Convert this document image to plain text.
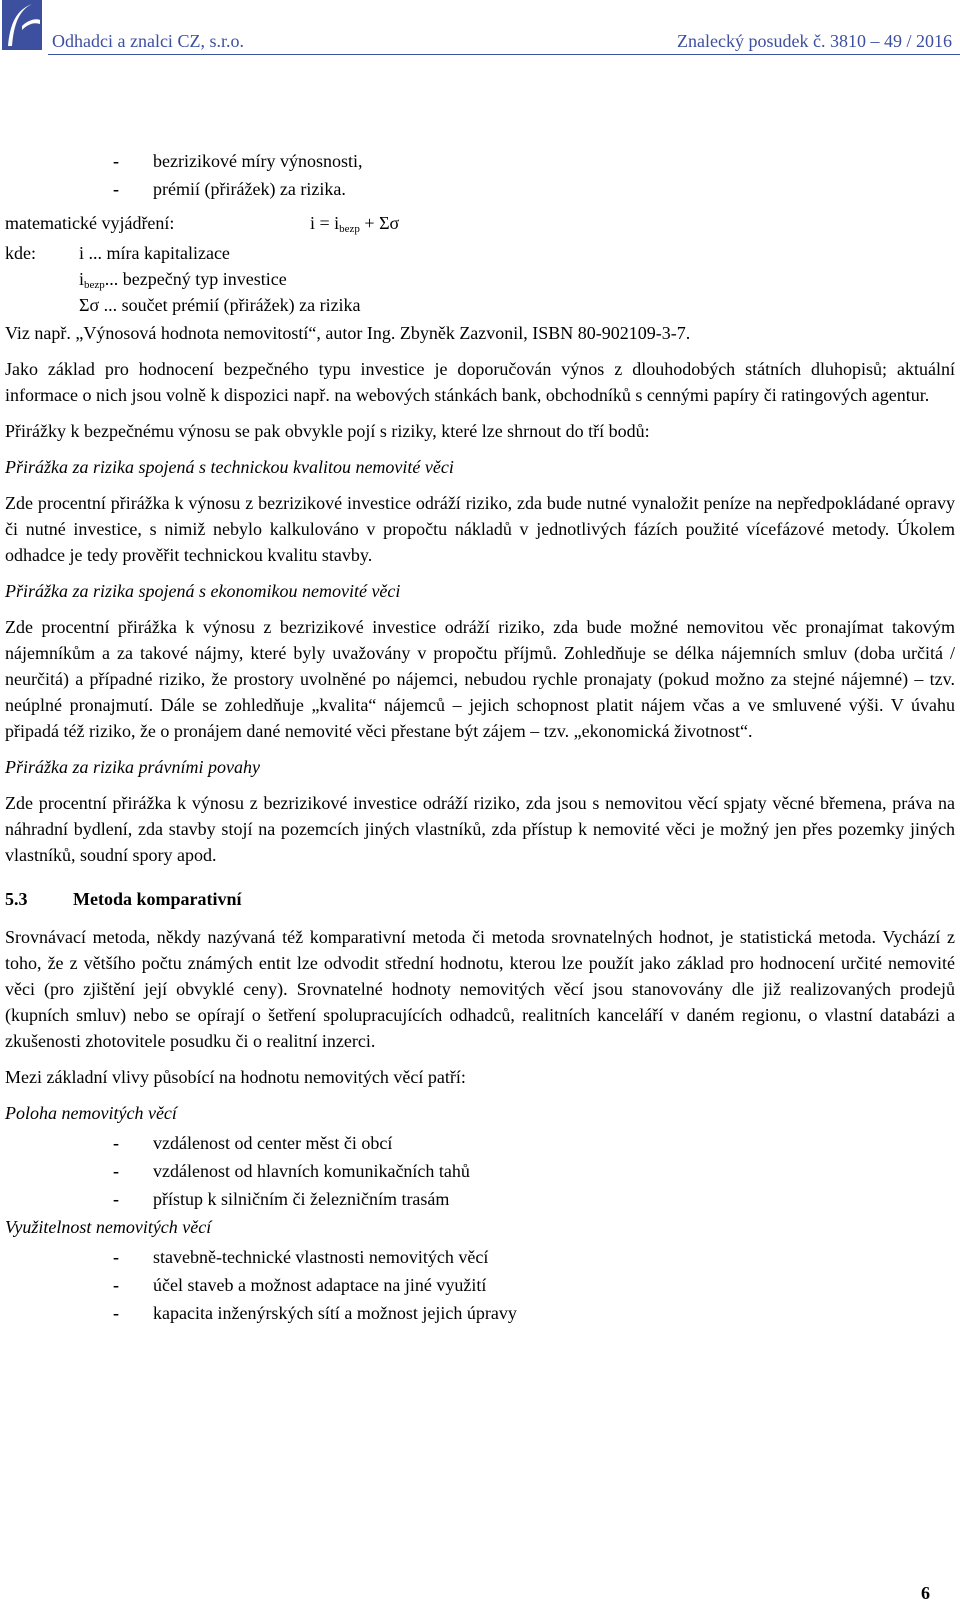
Odhadci a znalci CZ, s.r.o.	Znalecký posudek č. 3810 – 49 / 2016
- bezrizikové míry výnosnosti,
- prémií (přirážek) za rizika.
matematické vyjádření:	$i = i_{bezp} + \Sigma\sigma$
kde: i ... míra kapitalizace
$i_{bezp}$... bezpečný typ investice
Σσ ... součet prémií (přirážek) za rizika

Viz např. „Výnosová hodnota nemovitostí“, autor Ing. Zbyněk Zazvonil, ISBN 80-902109-3-7.

Jako základ pro hodnocení bezpečného typu investice je doporučován výnos z dlouhodobých státních dluhopisů; aktuální informace o nich jsou volně k dispozici např. na webových stánkách bank, obchodníků s cennými papíry či ratingových agentur.

Přirážky k bezpečnému výnosu se pak obvykle pojí s riziky, které lze shrnout do tří bodů:

Přirážka za rizika spojená s technickou kvalitou nemovité věci

Zde procentní přirážka k výnosu z bezrizikové investice odráží riziko, zda bude nutné vynaložit peníze na nepředpokládané opravy či nutné investice, s nimiž nebylo kalkulováno v propočtu nákladů v jednotlivých fázích použité vícefázové metody. Úkolem odhadce je tedy prověřit technickou kvalitu stavby.

Přirážka za rizika spojená s ekonomikou nemovité věci

Zde procentní přirážka k výnosu z bezrizikové investice odráží riziko, zda bude možné nemovitou věc pronajímat takovým nájemníkům a za takové nájmy, které byly uvažovány v propočtu příjmů. Zohledňuje se délka nájemních smluv (doba určitá / neurčitá) a případné riziko, že prostory uvolněné po nájemci, nebudou rychle pronajaty (pokud možno za stejné nájemné) – tzv. neúplné pronajmutí. Dále se zohledňuje „kvalita“ nájemců – jejich schopnost platit nájem včas a ve smluvené výši. V úvahu připadá též riziko, že o pronájem dané nemovité věci přestane být zájem – tzv. „ekonomická životnost“.

Přirážka za rizika právními povahy

Zde procentní přirážka k výnosu z bezrizikové investice odráží riziko, zda jsou s nemovitou věcí spjaty věcné břemena, práva na náhradní bydlení, zda stavby stojí na pozemcích jiných vlastníků, zda přístup k nemovité věci je možný jen přes pozemky jiných vlastníků, soudní spory apod.

5.3	Metoda komparativní

Srovnávací metoda, někdy nazývaná též komparativní metoda či metoda srovnatelných hodnot, je statistická metoda. Vychází z toho, že z většího počtu známých entit lze odvodit střední hodnotu, kterou lze použít jako základ pro hodnocení určité nemovité věci (pro zjištění její obvyklé ceny). Srovnatelné hodnoty nemovitých věcí jsou stanovovány dle již realizovaných prodejů (kupních smluv) nebo se opírají o šetření spolupracujících odhadců, realitních kanceláří v daném regionu, o vlastní databázi a zkušenosti zhotovitele posudku či o realitní inzerci.

Mezi základní vlivy působící na hodnotu nemovitých věcí patří:

Poloha nemovitých věcí

- vzdálenost od center měst či obcí
- vzdálenost od hlavních komunikačních tahů
- přístup k silničním či železničním trasám

Využitelnost nemovitých věcí

- stavebně-technické vlastnosti nemovitých věcí
- účel staveb a možnost adaptace na jiné využití
- kapacita inženýrských sítí a možnost jejich úpravy
6
